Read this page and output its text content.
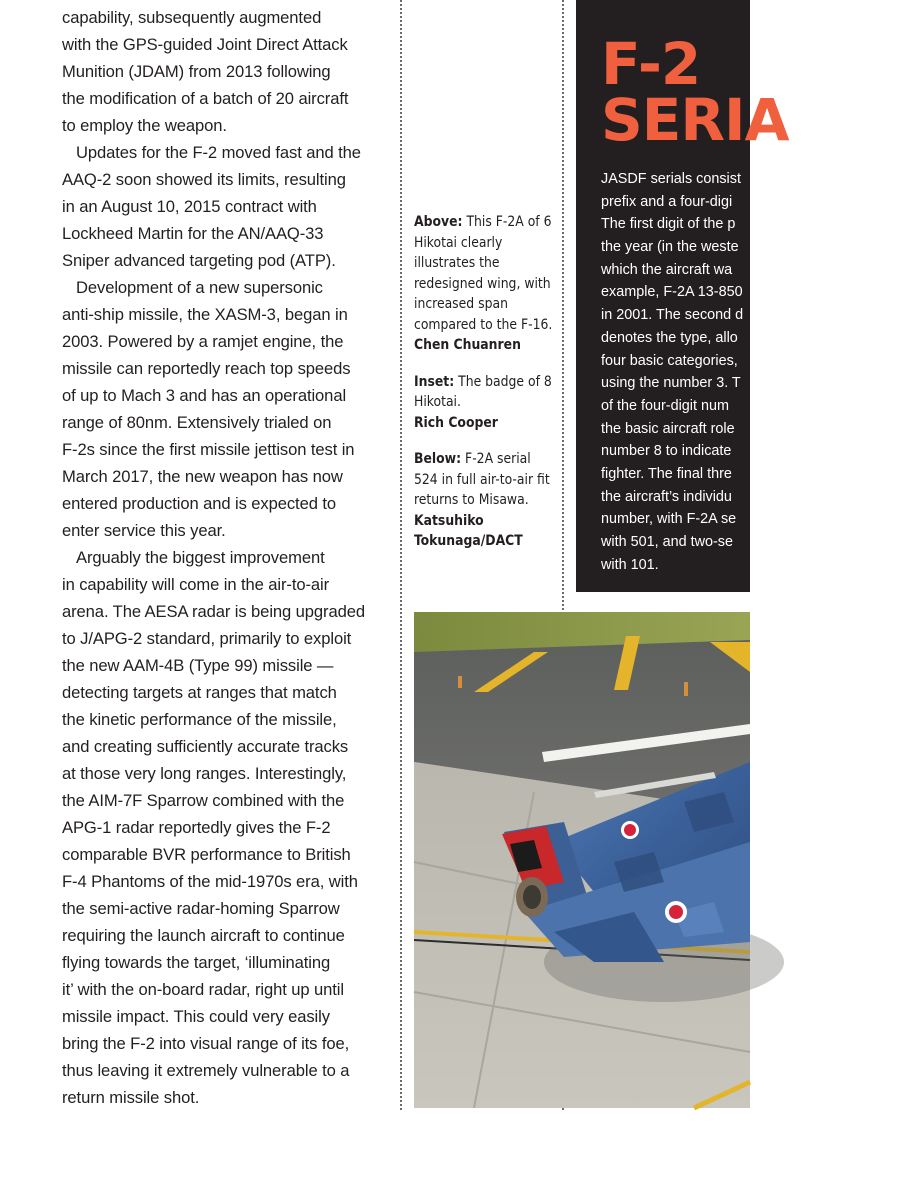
capability, subsequently augmented
with the GPS-guided Joint Direct Attack
Munition (JDAM) from 2013 following
the modification of a batch of 20 aircraft
to employ the weapon.

Updates for the F-2 moved fast and the
AAQ-2 soon showed its limits, resulting
in an August 10, 2015 contract with
Lockheed Martin for the AN/AAQ-33
Sniper advanced targeting pod (ATP).

Development of a new supersonic
anti-ship missile, the XASM-3, began in
2003. Powered by a ramjet engine, the
missile can reportedly reach top speeds
of up to Mach 3 and has an operational
range of 80nm. Extensively trialed on
F-2s since the first missile jettison test in
March 2017, the new weapon has now
entered production and is expected to
enter service this year.

Arguably the biggest improvement
in capability will come in the air-to-air
arena. The AESA radar is being upgraded
to J/APG-2 standard, primarily to exploit
the new AAM-4B (Type 99) missile —
detecting targets at ranges that match
the kinetic performance of the missile,
and creating sufficiently accurate tracks
at those very long ranges. Interestingly,
the AIM-7F Sparrow combined with the
APG-1 radar reportedly gives the F-2
comparable BVR performance to British
F-4 Phantoms of the mid-1970s era, with
the semi-active radar-homing Sparrow
requiring the launch aircraft to continue
flying towards the target, ‘illuminating
it’ with the on-board radar, right up until
missile impact. This could very easily
bring the F-2 into visual range of its foe,
thus leaving it extremely vulnerable to a
return missile shot.

Above: This F-2A of 6 Hikotai clearly illustrates the redesigned wing, with increased span compared to the F-16.
Chen Chuanren

Inset: The badge of 8 Hikotai.
Rich Cooper

Below: F-2A serial 524 in full air-to-air fit returns to Misawa.
Katsuhiko Tokunaga/DACT

F-2
SERIA
JASDF serials consist
prefix and a four-digi
The first digit of the p
the year (in the weste
which the aircraft wa
example, F-2A 13-850
in 2001. The second d
denotes the type, allo
four basic categories,
using the number 3. T
of the four-digit num
the basic aircraft role
number 8 to indicate
fighter. The final thre
the aircraft’s individu
number, with F-2A se
with 501, and two-se
with 101.
